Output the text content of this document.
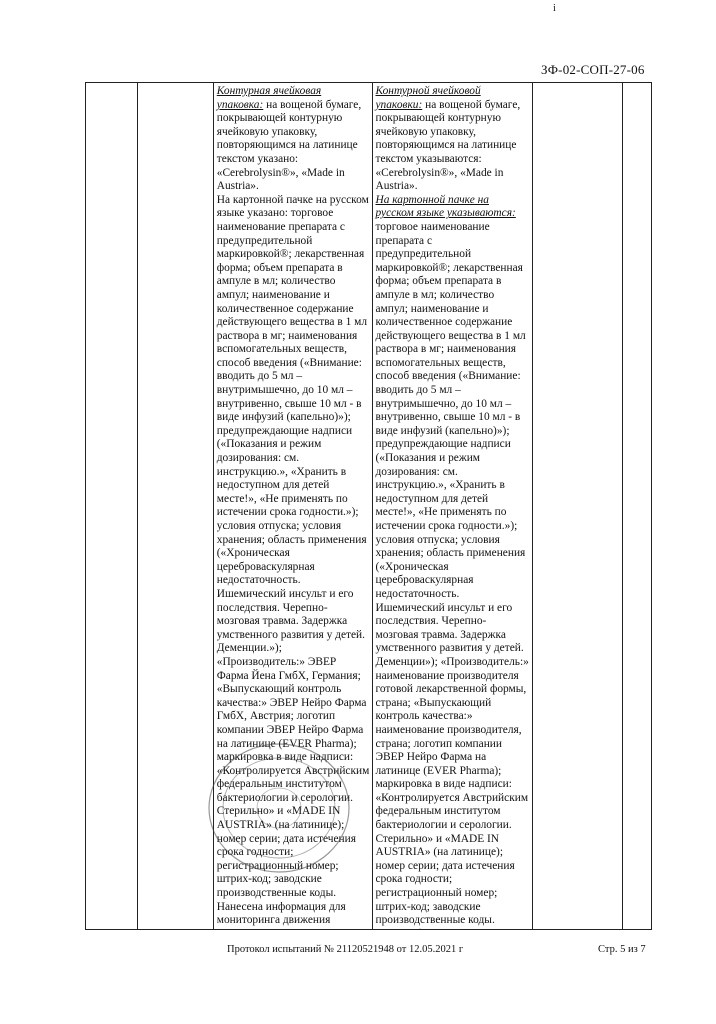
i
ЗФ-02-СОП-27-06
Контурная ячейковая упаковка: на вощеной бумаге, покрывающей контурную ячейковую упаковку, повторяющимся на латинице текстом указано: «Cerebrolysin®», «Made in Austria».
На картонной пачке на русском языке указано: торговое наименование препарата с предупредительной маркировкой®; лекарственная форма; объем препарата в ампуле в мл; количество ампул; наименование и количественное содержание действующего вещества в 1 мл раствора в мг; наименования вспомогательных веществ, способ введения («Внимание: вводить до 5 мл – внутримышечно, до 10 мл – внутривенно, свыше 10 мл - в виде инфузий (капельно)»); предупреждающие надписи («Показания и режим дозирования: см. инструкцию.», «Хранить в недоступном для детей месте!», «Не применять по истечении срока годности.»); условия отпуска; условия хранения; область применения («Хроническая цереброваскулярная недостаточность. Ишемический инсульт и его последствия. Черепно-мозговая травма. Задержка умственного развития у детей. Деменции.»); «Производитель:» ЭВЕР Фарма Йена ГмбХ, Германия; «Выпускающий контроль качества:» ЭВЕР Нейро Фарма ГмбХ, Австрия; логотип компании ЭВЕР Нейро Фарма на латинице (EVER Pharma); маркировка в виде надписи: «Контролируется Австрийским федеральным институтом бактериологии и серологии. Стерильно» и «MADE IN AUSTRIA» (на латинице); номер серии; дата истечения срока годности; регистрационный номер; штрих-код; заводские производственные коды.
Нанесена информация для мониторинга движения
Контурной ячейковой упаковки: на вощеной бумаге, покрывающей контурную ячейковую упаковку, повторяющимся на латинице текстом указываются: «Cerebrolysin®», «Made in Austria».
На картонной пачке на русском языке указываются: торговое наименование препарата с предупредительной маркировкой®; лекарственная форма; объем препарата в ампуле в мл; количество ампул; наименование и количественное содержание действующего вещества в 1 мл раствора в мг; наименования вспомогательных веществ, способ введения («Внимание: вводить до 5 мл – внутримышечно, до 10 мл – внутривенно, свыше 10 мл - в виде инфузий (капельно)»); предупреждающие надписи («Показания и режим дозирования: см. инструкцию.», «Хранить в недоступном для детей месте!», «Не применять по истечении срока годности.»); условия отпуска; условия хранения; область применения («Хроническая цереброваскулярная недостаточность. Ишемический инсульт и его последствия. Черепно-мозговая травма. Задержка умственного развития у детей. Деменции»); «Производитель:» наименование производителя готовой лекарственной формы, страна; «Выпускающий контроль качества:» наименование производителя, страна; логотип компании ЭВЕР Нейро Фарма на латинице (EVER Pharma); маркировка в виде надписи: «Контролируется Австрийским федеральным институтом бактериологии и серологии. Стерильно» и «MADE IN AUSTRIA» (на латинице); номер серии; дата истечения срока годности; регистрационный номер; штрих-код; заводские производственные коды.

Протокол испытаний № 21120521948 от 12.05.2021 г	Стр. 5 из 7
